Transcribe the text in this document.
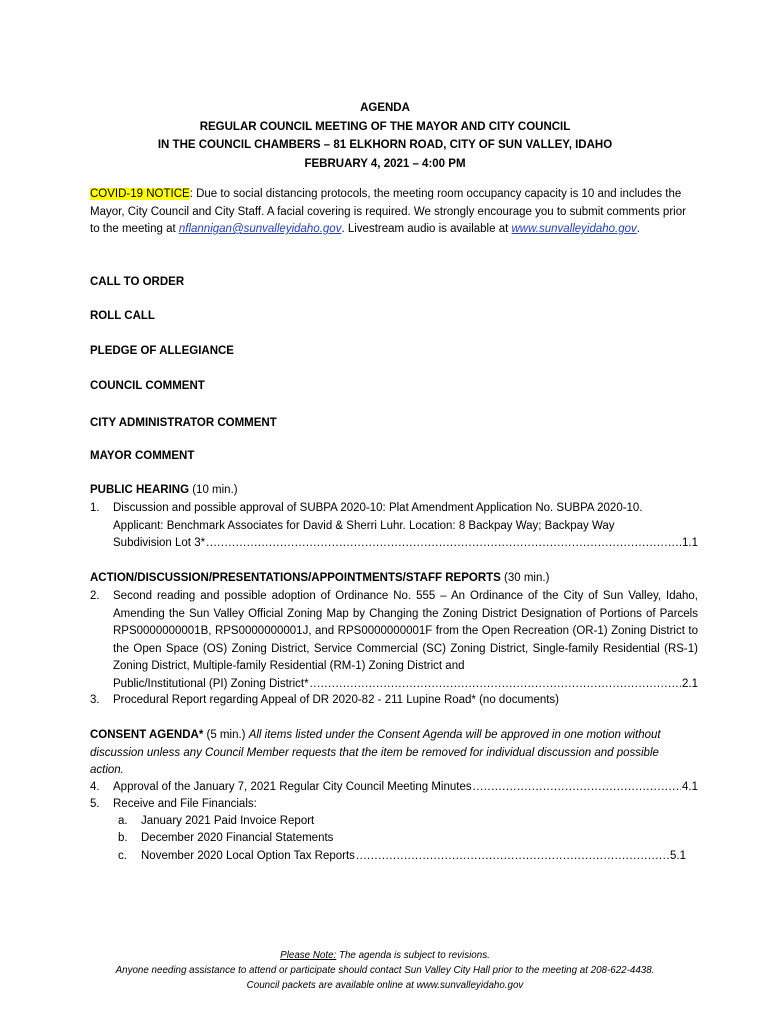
AGENDA
REGULAR COUNCIL MEETING OF THE MAYOR AND CITY COUNCIL
IN THE COUNCIL CHAMBERS – 81 ELKHORN ROAD, CITY OF SUN VALLEY, IDAHO
FEBRUARY 4, 2021 – 4:00 PM
COVID-19 NOTICE: Due to social distancing protocols, the meeting room occupancy capacity is 10 and includes the Mayor, City Council and City Staff. A facial covering is required. We strongly encourage you to submit comments prior to the meeting at nflannigan@sunvalleyidaho.gov. Livestream audio is available at www.sunvalleyidaho.gov.
CALL TO ORDER
ROLL CALL
PLEDGE OF ALLEGIANCE
COUNCIL COMMENT
CITY ADMINISTRATOR COMMENT
MAYOR COMMENT
PUBLIC HEARING (10 min.)
1.	Discussion and possible approval of SUBPA 2020-10: Plat Amendment Application No. SUBPA 2020-10.
Applicant: Benchmark Associates for David & Sherri Luhr. Location: 8 Backpay Way; Backpay Way
Subdivision Lot 3* .....	1.1
ACTION/DISCUSSION/PRESENTATIONS/APPOINTMENTS/STAFF REPORTS (30 min.)
2.	Second reading and possible adoption of Ordinance No. 555 – An Ordinance of the City of Sun Valley, Idaho, Amending the Sun Valley Official Zoning Map by Changing the Zoning District Designation of Portions of Parcels RPS0000000001B, RPS0000000001J, and RPS0000000001F from the Open Recreation (OR-1) Zoning District to the Open Space (OS) Zoning District, Service Commercial (SC) Zoning District, Single-family Residential (RS-1) Zoning District, Multiple-family Residential (RM-1) Zoning District and
Public/Institutional (PI) Zoning District* .....	2.1
3.	Procedural Report regarding Appeal of DR 2020-82 - 211 Lupine Road* (no documents)
CONSENT AGENDA* (5 min.) All items listed under the Consent Agenda will be approved in one motion without discussion unless any Council Member requests that the item be removed for individual discussion and possible action.
4.	Approval of the January 7, 2021 Regular City Council Meeting Minutes .....	4.1
5.	Receive and File Financials:
a.	January 2021 Paid Invoice Report
b.	December 2020 Financial Statements
c.	November 2020 Local Option Tax Reports .....	5.1
Please Note: The agenda is subject to revisions.
Anyone needing assistance to attend or participate should contact Sun Valley City Hall prior to the meeting at 208-622-4438.
Council packets are available online at www.sunvalleyidaho.gov
